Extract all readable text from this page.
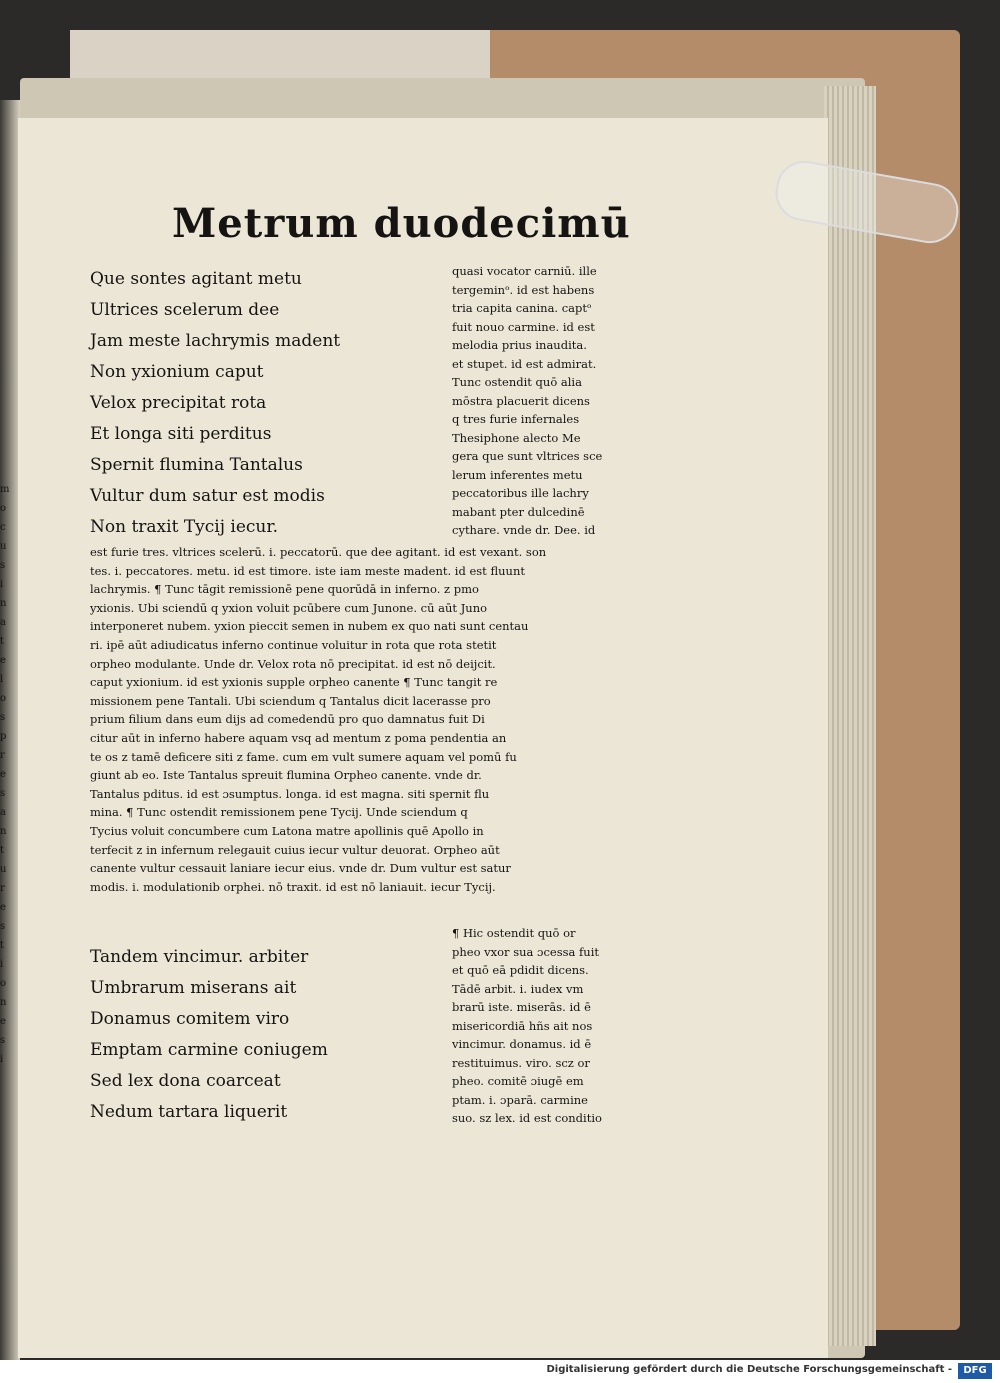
m
o
c
u
s
i
n
a
t
e
l
o
s
p
r
e
s
a
n
t
u
r
e
s
t
i
o
n
e
s
i
Metrum duodecimū
Que sontes agitant metu
Ultrices scelerum dee
Jam meste lachrymis madent
Non yxionium caput
Velox precipitat rota
Et longa siti perditus
Spernit flumina Tantalus
Vultur dum satur est modis
Non traxit Tycij iecur.
quasi vocator carniū. ille
tergeminᵒ. id est habens
tria capita canina. captᵒ
fuit nouo carmine. id est
melodia prius inaudita.
et stupet. id est admirat.
Tunc ostendit quō alia
mōstra placuerit dicens
q tres furie infernales
Thesiphone alecto Me
gera que sunt vltrices sce
lerum inferentes metu
peccatoribus ille lachry
mabant pter dulcedinē
cythare. vnde dr. Dee. id
est furie tres. vltrices scelerū. i. peccatorū. que dee agitant. id est vexant. son
tes. i. peccatores. metu. id est timore. iste iam meste madent. id est fluunt
lachrymis. ¶ Tunc tāgit remissionē pene quorūdā in inferno. z pmo
yxionis. Ubi sciendū q yxion voluit pcūbere cum Junone. cū aūt Juno
interponeret nubem. yxion pieccit semen in nubem ex quo nati sunt centau
ri. ipē aūt adiudicatus inferno continue voluitur in rota que rota stetit
orpheo modulante. Unde dr. Velox rota nō precipitat. id est nō deijcit.
caput yxionium. id est yxionis supple orpheo canente ¶ Tunc tangit re
missionem pene Tantali. Ubi sciendum q Tantalus dicit lacerasse pro
prium filium dans eum dijs ad comedendū pro quo damnatus fuit Di
citur aūt in inferno habere aquam vsq ad mentum z poma pendentia an
te os z tamē deficere siti z fame. cum em vult sumere aquam vel pomū fu
giunt ab eo. Iste Tantalus spreuit flumina Orpheo canente. vnde dr.
Tantalus pditus. id est ɔsumptus. longa. id est magna. siti spernit flu
mina. ¶ Tunc ostendit remissionem pene Tycij. Unde sciendum q
Tycius voluit concumbere cum Latona matre apollinis quē Apollo in
terfecit z in infernum relegauit cuius iecur vultur deuorat. Orpheo aūt
canente vultur cessauit laniare iecur eius. vnde dr. Dum vultur est satur
modis. i. modulationib orphei. nō traxit. id est nō laniauit. iecur Tycij.
Tandem vincimur. arbiter
Umbrarum miserans ait
Donamus comitem viro
Emptam carmine coniugem
Sed lex dona coarceat
Nedum tartara liquerit
¶ Hic ostendit quō or
pheo vxor sua ɔcessa fuit
et quō eā pdidit dicens.
Tādē arbit. i. iudex vm
brarū iste. miserās. id ē
misericordiā hñs ait nos
vincimur. donamus. id ē
restituimus. viro. scz or
pheo. comitē ɔiugē em
ptam. i. ɔparā. carmine
suo. sz lex. id est conditio
Digitalisierung gefördert durch die Deutsche Forschungsgemeinschaft -	DFG
